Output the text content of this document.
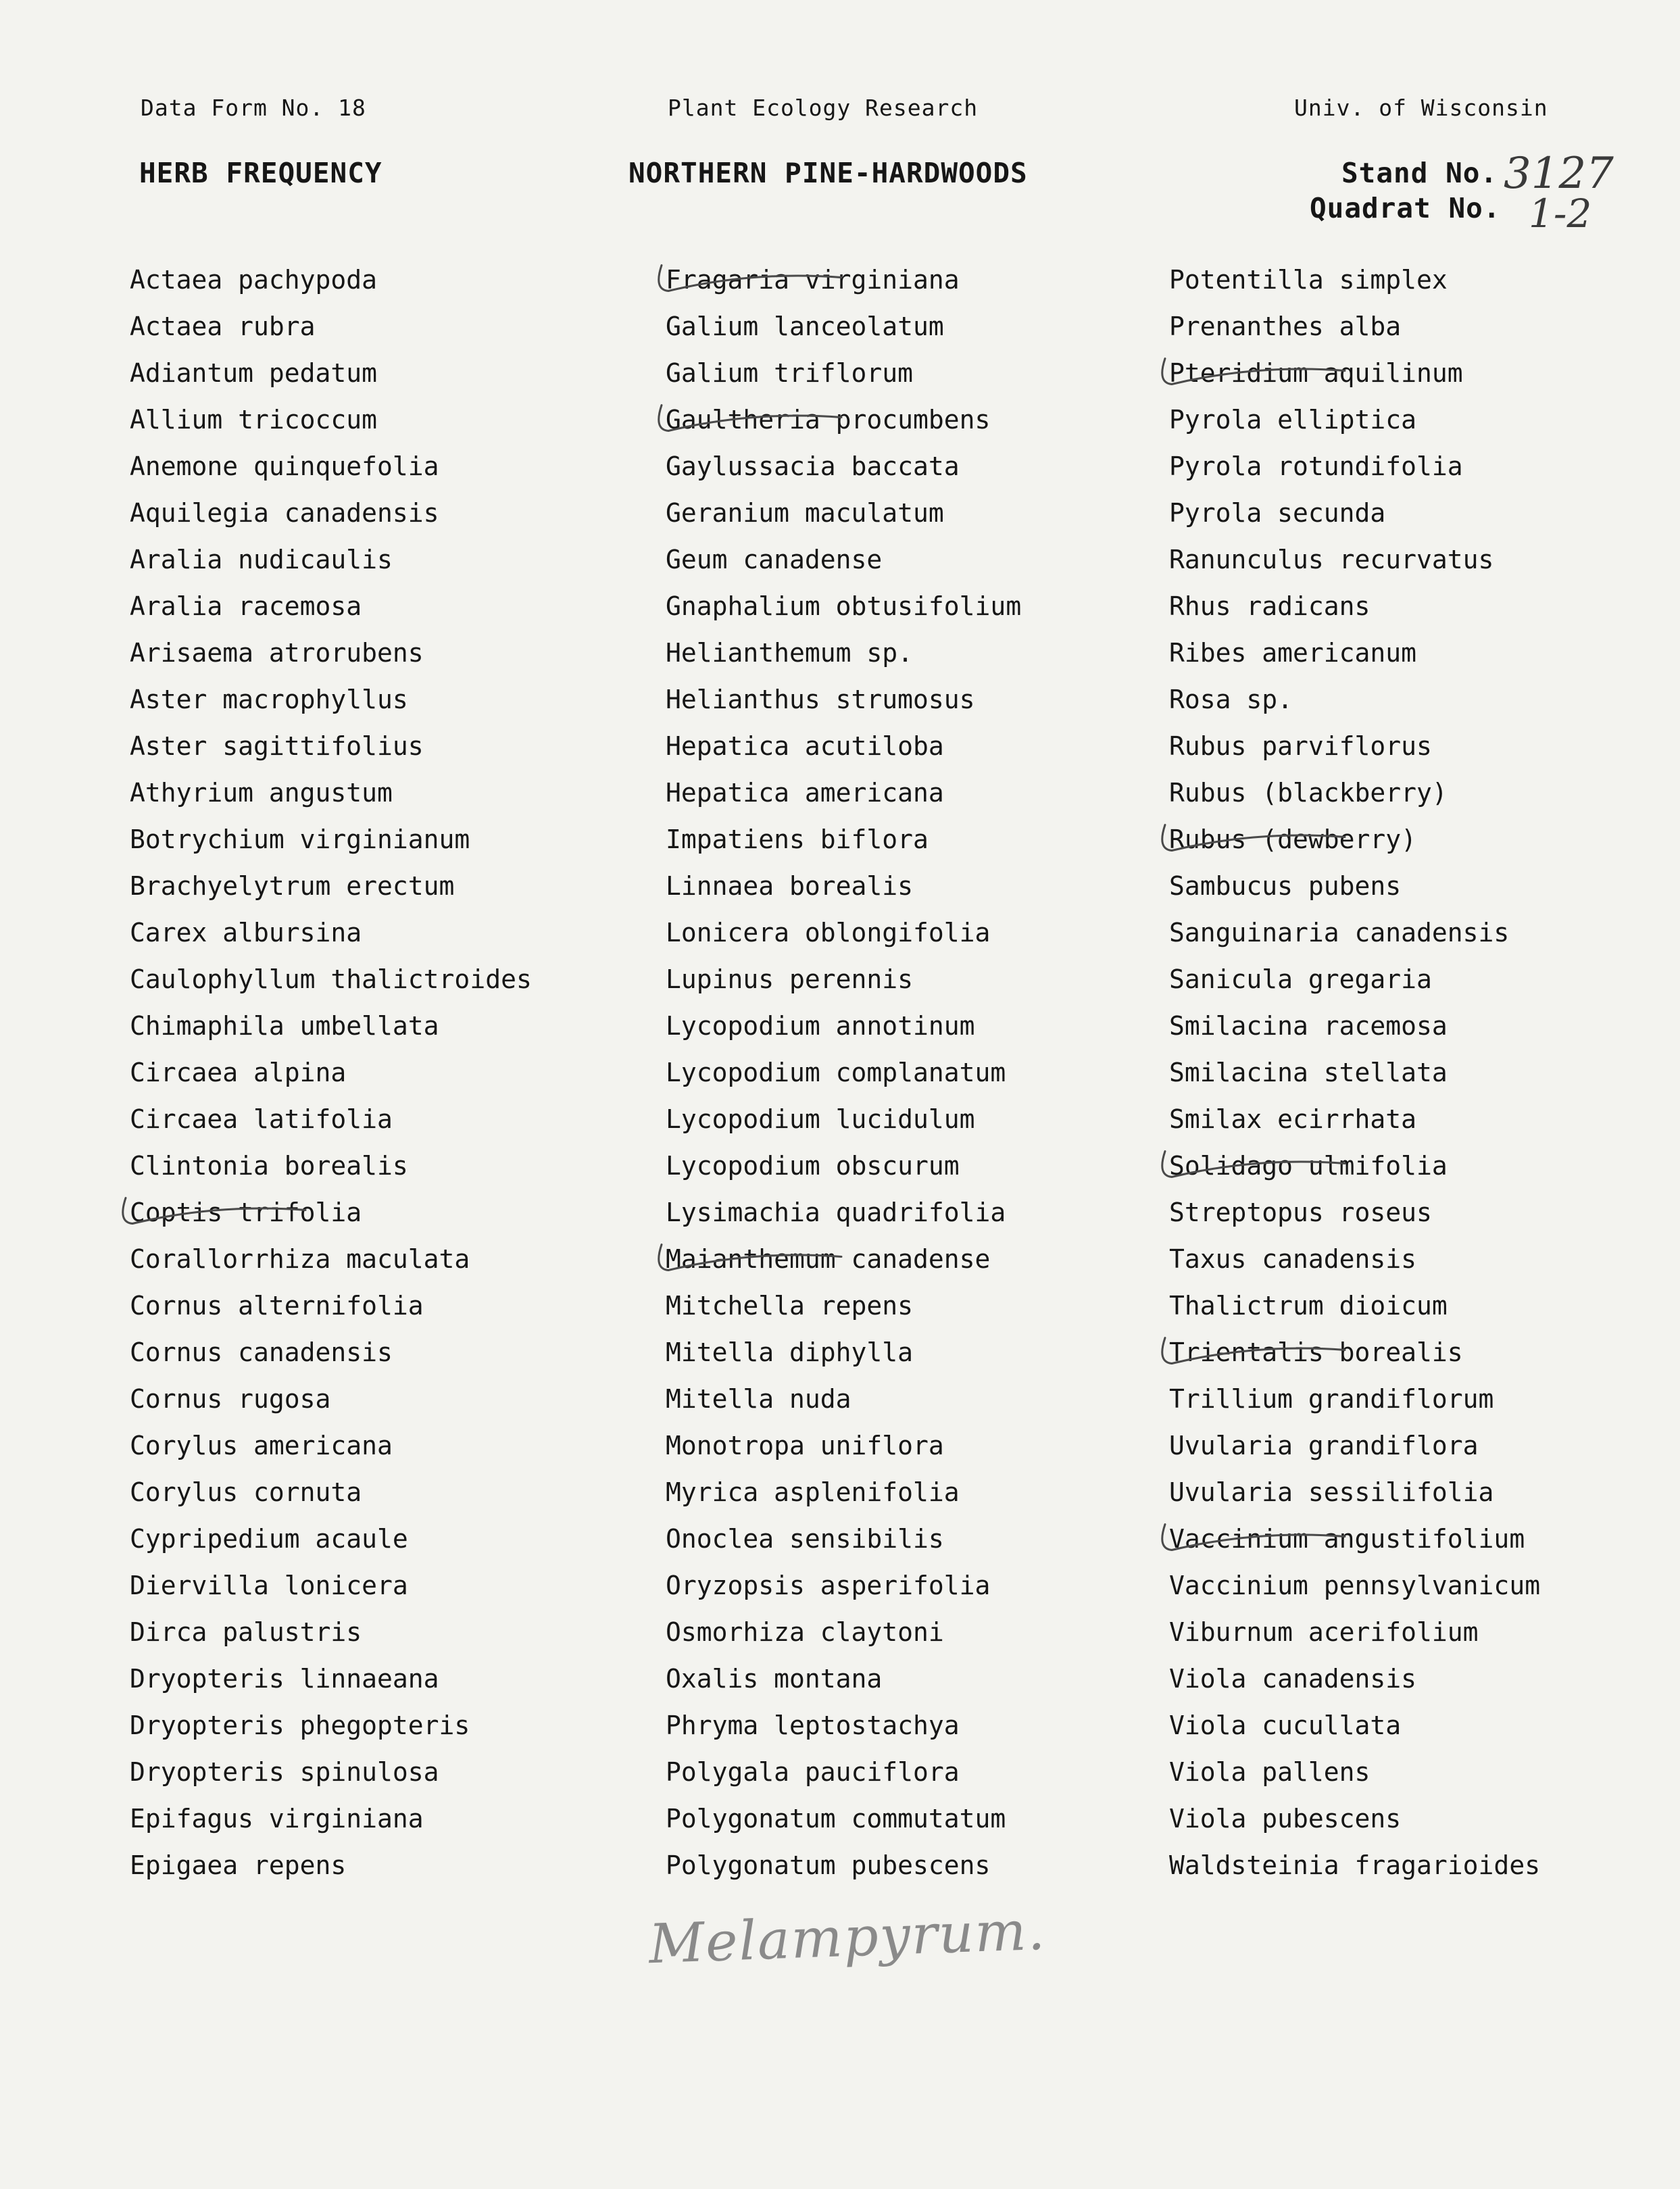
Data Form No. 18	Plant Ecology Research	Univ. of Wisconsin
HERB FREQUENCY	NORTHERN PINE-HARDWOODS	Stand No.
Quadrat No.
3127
1-2
Actaea pachypoda
Actaea rubra
Adiantum pedatum
Allium tricoccum
Anemone quinquefolia
Aquilegia canadensis
Aralia nudicaulis
Aralia racemosa
Arisaema atrorubens
Aster macrophyllus
Aster sagittifolius
Athyrium angustum
Botrychium virginianum
Brachyelytrum erectum
Carex albursina
Caulophyllum thalictroides
Chimaphila umbellata
Circaea alpina
Circaea latifolia
Clintonia borealis
Coptis trifolia
Corallorrhiza maculata
Cornus alternifolia
Cornus canadensis
Cornus rugosa
Corylus americana
Corylus cornuta
Cypripedium acaule
Diervilla lonicera
Dirca palustris
Dryopteris linnaeana
Dryopteris phegopteris
Dryopteris spinulosa
Epifagus virginiana
Epigaea repens
Fragaria virginiana
Galium lanceolatum
Galium triflorum
Gaultheria procumbens
Gaylussacia baccata
Geranium maculatum
Geum canadense
Gnaphalium obtusifolium
Helianthemum sp.
Helianthus strumosus
Hepatica acutiloba
Hepatica americana
Impatiens biflora
Linnaea borealis
Lonicera oblongifolia
Lupinus perennis
Lycopodium annotinum
Lycopodium complanatum
Lycopodium lucidulum
Lycopodium obscurum
Lysimachia quadrifolia
Maianthemum canadense
Mitchella repens
Mitella diphylla
Mitella nuda
Monotropa uniflora
Myrica asplenifolia
Onoclea sensibilis
Oryzopsis asperifolia
Osmorhiza claytoni
Oxalis montana
Phryma leptostachya
Polygala pauciflora
Polygonatum commutatum
Polygonatum pubescens
Potentilla simplex
Prenanthes alba
Pteridium aquilinum
Pyrola elliptica
Pyrola rotundifolia
Pyrola secunda
Ranunculus recurvatus
Rhus radicans
Ribes americanum
Rosa sp.
Rubus parviflorus
Rubus (blackberry)
Rubus (dewberry)
Sambucus pubens
Sanguinaria canadensis
Sanicula gregaria
Smilacina racemosa
Smilacina stellata
Smilax ecirrhata
Solidago ulmifolia
Streptopus roseus
Taxus canadensis
Thalictrum dioicum
Trientalis borealis
Trillium grandiflorum
Uvularia grandiflora
Uvularia sessilifolia
Vaccinium angustifolium
Vaccinium pennsylvanicum
Viburnum acerifolium
Viola canadensis
Viola cucullata
Viola pallens
Viola pubescens
Waldsteinia fragarioides
Melampyrum.
